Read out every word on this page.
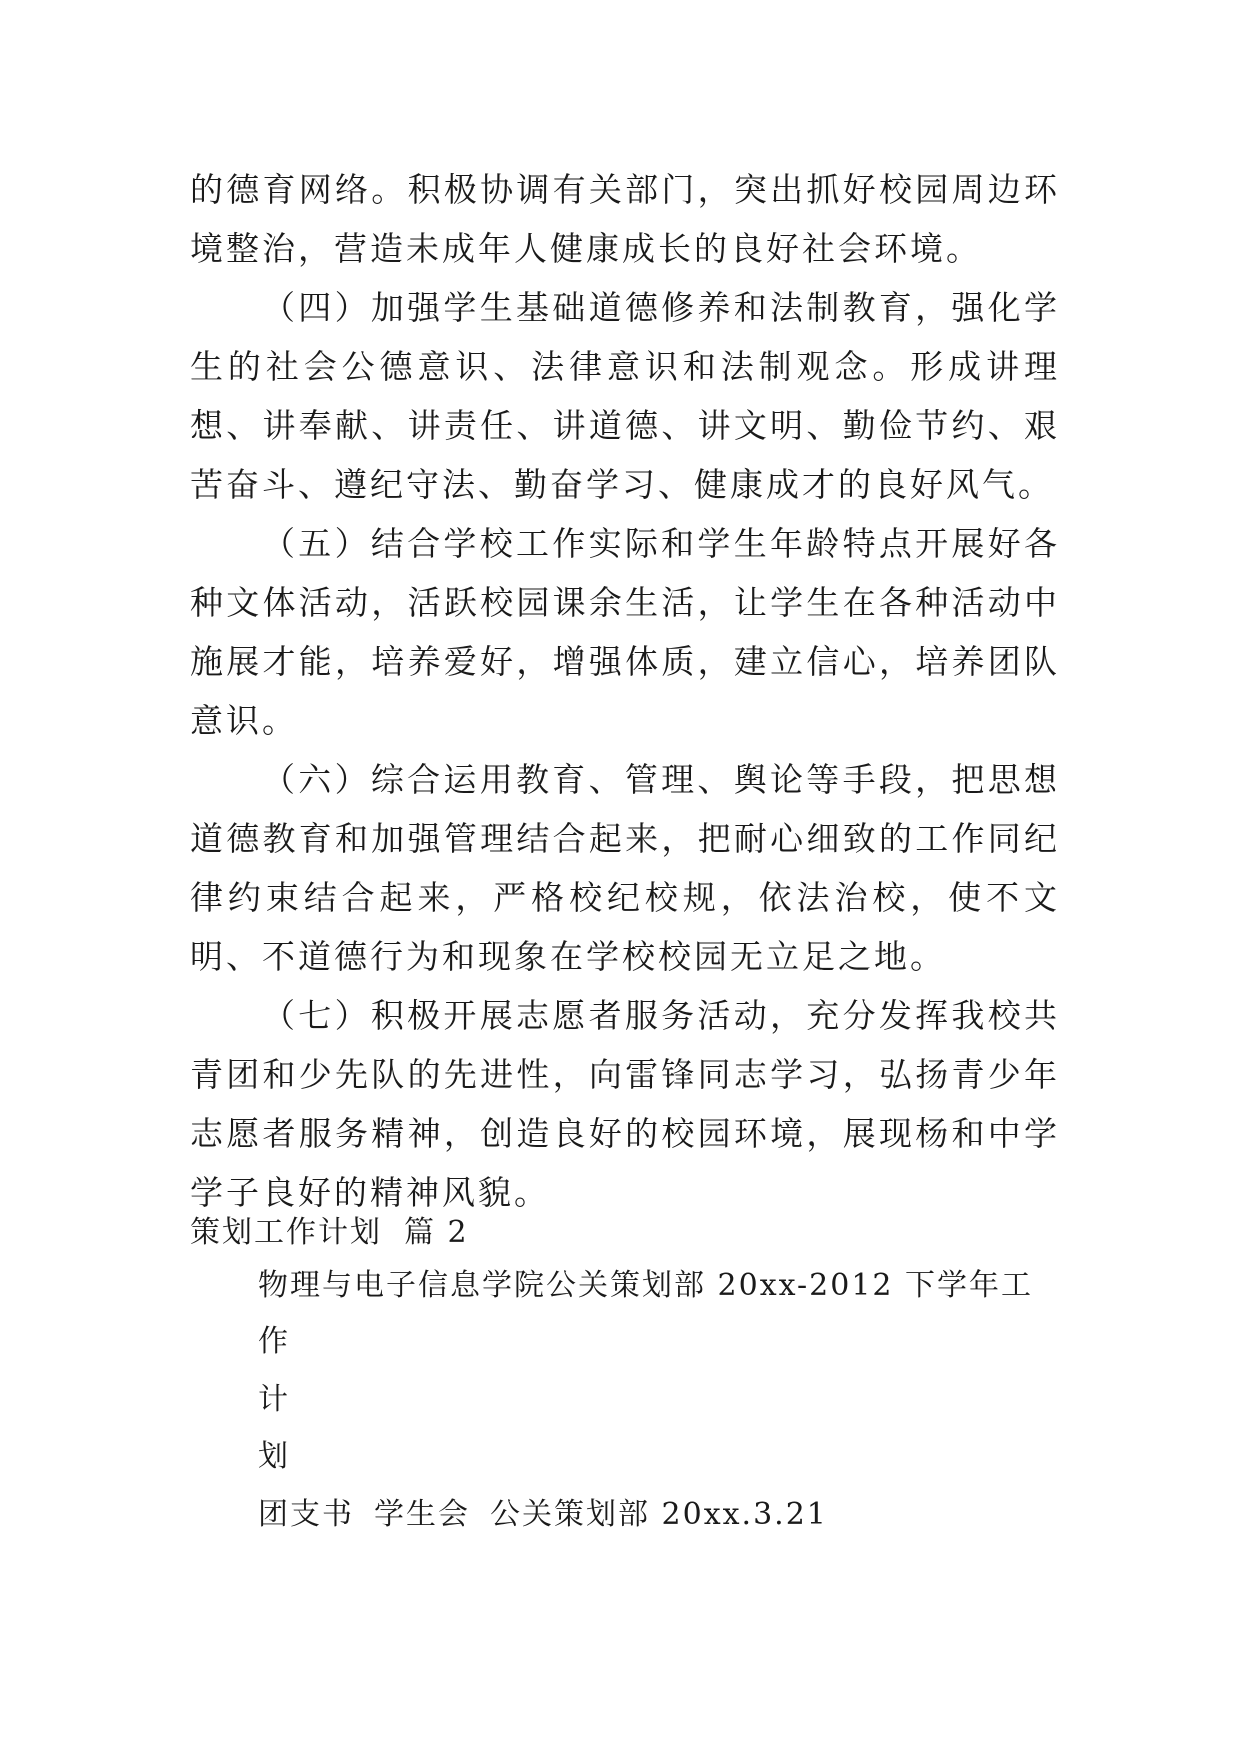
的德育网络。积极协调有关部门，突出抓好校园周边环境整治，营造未成年人健康成长的良好社会环境。

（四）加强学生基础道德修养和法制教育，强化学生的社会公德意识、法律意识和法制观念。形成讲理想、讲奉献、讲责任、讲道德、讲文明、勤俭节约、艰苦奋斗、遵纪守法、勤奋学习、健康成才的良好风气。

（五）结合学校工作实际和学生年龄特点开展好各种文体活动，活跃校园课余生活，让学生在各种活动中施展才能，培养爱好，增强体质，建立信心，培养团队意识。

（六）综合运用教育、管理、舆论等手段，把思想道德教育和加强管理结合起来，把耐心细致的工作同纪律约束结合起来，严格校纪校规，依法治校，使不文明、不道德行为和现象在学校校园无立足之地。

（七）积极开展志愿者服务活动，充分发挥我校共青团和少先队的先进性，向雷锋同志学习，弘扬青少年志愿者服务精神，创造良好的校园环境，展现杨和中学学子良好的精神风貌。

策划工作计划 篇 2
物理与电子信息学院公关策划部 20xx-2012 下学年工
作
计
划
团支书 学生会 公关策划部 20xx.3.21
